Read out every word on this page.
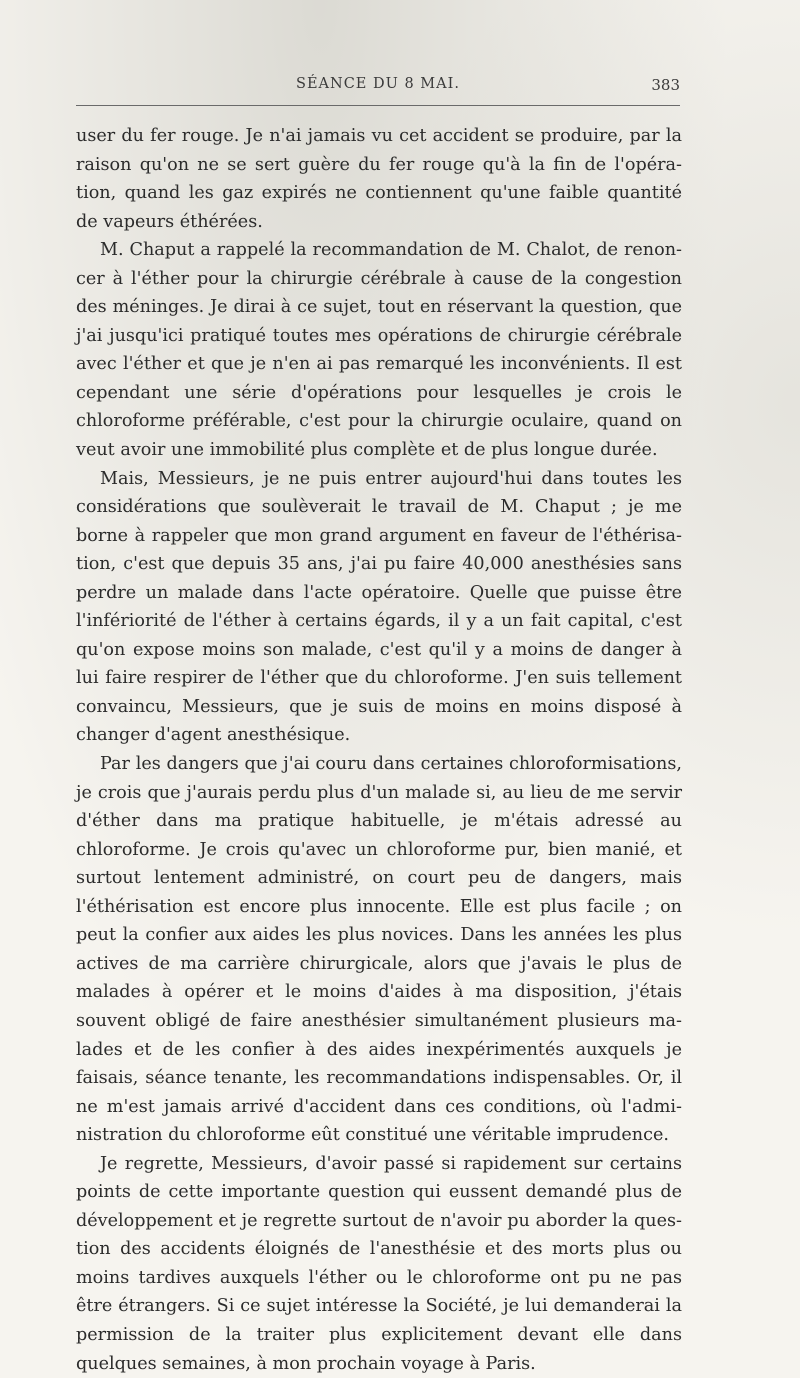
SÉANCE DU 8 MAI.	383

user du fer rouge. Je n'ai jamais vu cet accident se produire, par la raison qu'on ne se sert guère du fer rouge qu'à la fin de l'opération, quand les gaz expirés ne contiennent qu'une faible quantité de vapeurs éthérées.

M. Chaput a rappelé la recommandation de M. Chalot, de renoncer à l'éther pour la chirurgie cérébrale à cause de la congestion des méninges. Je dirai à ce sujet, tout en réservant la question, que j'ai jusqu'ici pratiqué toutes mes opérations de chirurgie cérébrale avec l'éther et que je n'en ai pas remarqué les inconvénients. Il est cependant une série d'opérations pour lesquelles je crois le chloroforme préférable, c'est pour la chirurgie oculaire, quand on veut avoir une immobilité plus complète et de plus longue durée.

Mais, Messieurs, je ne puis entrer aujourd'hui dans toutes les considérations que soulèverait le travail de M. Chaput ; je me borne à rappeler que mon grand argument en faveur de l'éthérisation, c'est que depuis 35 ans, j'ai pu faire 40,000 anesthésies sans perdre un malade dans l'acte opératoire. Quelle que puisse être l'infériorité de l'éther à certains égards, il y a un fait capital, c'est qu'on expose moins son malade, c'est qu'il y a moins de danger à lui faire respirer de l'éther que du chloroforme. J'en suis tellement convaincu, Messieurs, que je suis de moins en moins disposé à changer d'agent anesthésique.

Par les dangers que j'ai couru dans certaines chloroformisations, je crois que j'aurais perdu plus d'un malade si, au lieu de me servir d'éther dans ma pratique habituelle, je m'étais adressé au chloroforme. Je crois qu'avec un chloroforme pur, bien manié, et surtout lentement administré, on court peu de dangers, mais l'éthérisation est encore plus innocente. Elle est plus facile ; on peut la confier aux aides les plus novices. Dans les années les plus actives de ma carrière chirurgicale, alors que j'avais le plus de malades à opérer et le moins d'aides à ma disposition, j'étais souvent obligé de faire anesthésier simultanément plusieurs malades et de les confier à des aides inexpérimentés auxquels je faisais, séance tenante, les recommandations indispensables. Or, il ne m'est jamais arrivé d'accident dans ces conditions, où l'administration du chloroforme eût constitué une véritable imprudence.

Je regrette, Messieurs, d'avoir passé si rapidement sur certains points de cette importante question qui eussent demandé plus de développement et je regrette surtout de n'avoir pu aborder la question des accidents éloignés de l'anesthésie et des morts plus ou moins tardives auxquels l'éther ou le chloroforme ont pu ne pas être étrangers. Si ce sujet intéresse la Société, je lui demanderai la permission de la traiter plus explicitement devant elle dans quelques semaines, à mon prochain voyage à Paris.
